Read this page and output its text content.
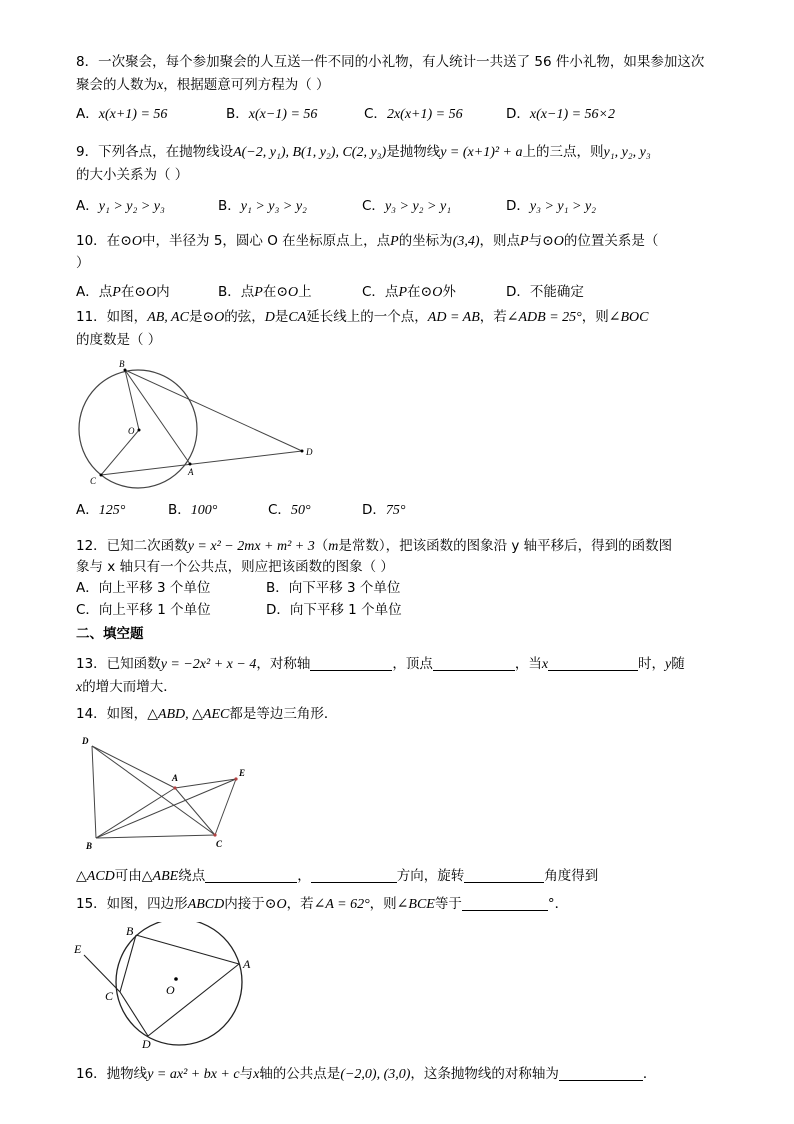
8．一次聚会，每个参加聚会的人互送一件不同的小礼物，有人统计一共送了 56 件小礼物，如果参加这次
聚会的人数为x，根据题意可列方程为（ ）
A．x(x+1) = 56	B．x(x−1) = 56	C．2x(x+1) = 56	D．x(x−1) = 56×2
9．下列各点，在抛物线设A(−2, y₁), B(1, y₂), C(2, y₃)是抛物线y = (x+1)² + a上的三点，则y₁, y₂, y₃
的大小关系为（ ）
A．y₁ > y₂ > y₃	B．y₁ > y₃ > y₂	C．y₃ > y₂ > y₁	D．y₃ > y₁ > y₂
10．在⊙O中，半径为 5，圆心 O 在坐标原点上，点P的坐标为(3,4)，则点P与⊙O的位置关系是（
）
A．点P在⊙O内	B．点P在⊙O上	C．点P在⊙O外	D．不能确定
11．如图，AB, AC是⊙O的弦，D是CA延长线上的一个点，AD = AB，若∠ADB = 25°，则∠BOC
的度数是（ ）
B
O
C
A
D
A．125°	B．100°	C．50°	D．75°
12．已知二次函数y = x² − 2mx + m² + 3（m是常数），把该函数的图象沿 y 轴平移后，得到的函数图
象与 x 轴只有一个公共点，则应把该函数的图象（ ）
A．向上平移 3 个单位	B．向下平移 3 个单位
C．向上平移 1 个单位	D．向下平移 1 个单位
二、填空题
13．已知函数y = −2x² + x − 4，对称轴	，顶点	，当x	时，y随
x的增大而增大．
14．如图，△ABD, △AEC都是等边三角形．
D
A	E
B	C
△ACD可由△ABE绕点	，	方向，旋转	角度得到
15．如图，四边形ABCD内接于⊙O，若∠A = 62°，则∠BCE等于	°．
E
B
A
C	O
D
16．抛物线y = ax² + bx + c与x轴的公共点是(−2,0), (3,0)，这条抛物线的对称轴为	．
